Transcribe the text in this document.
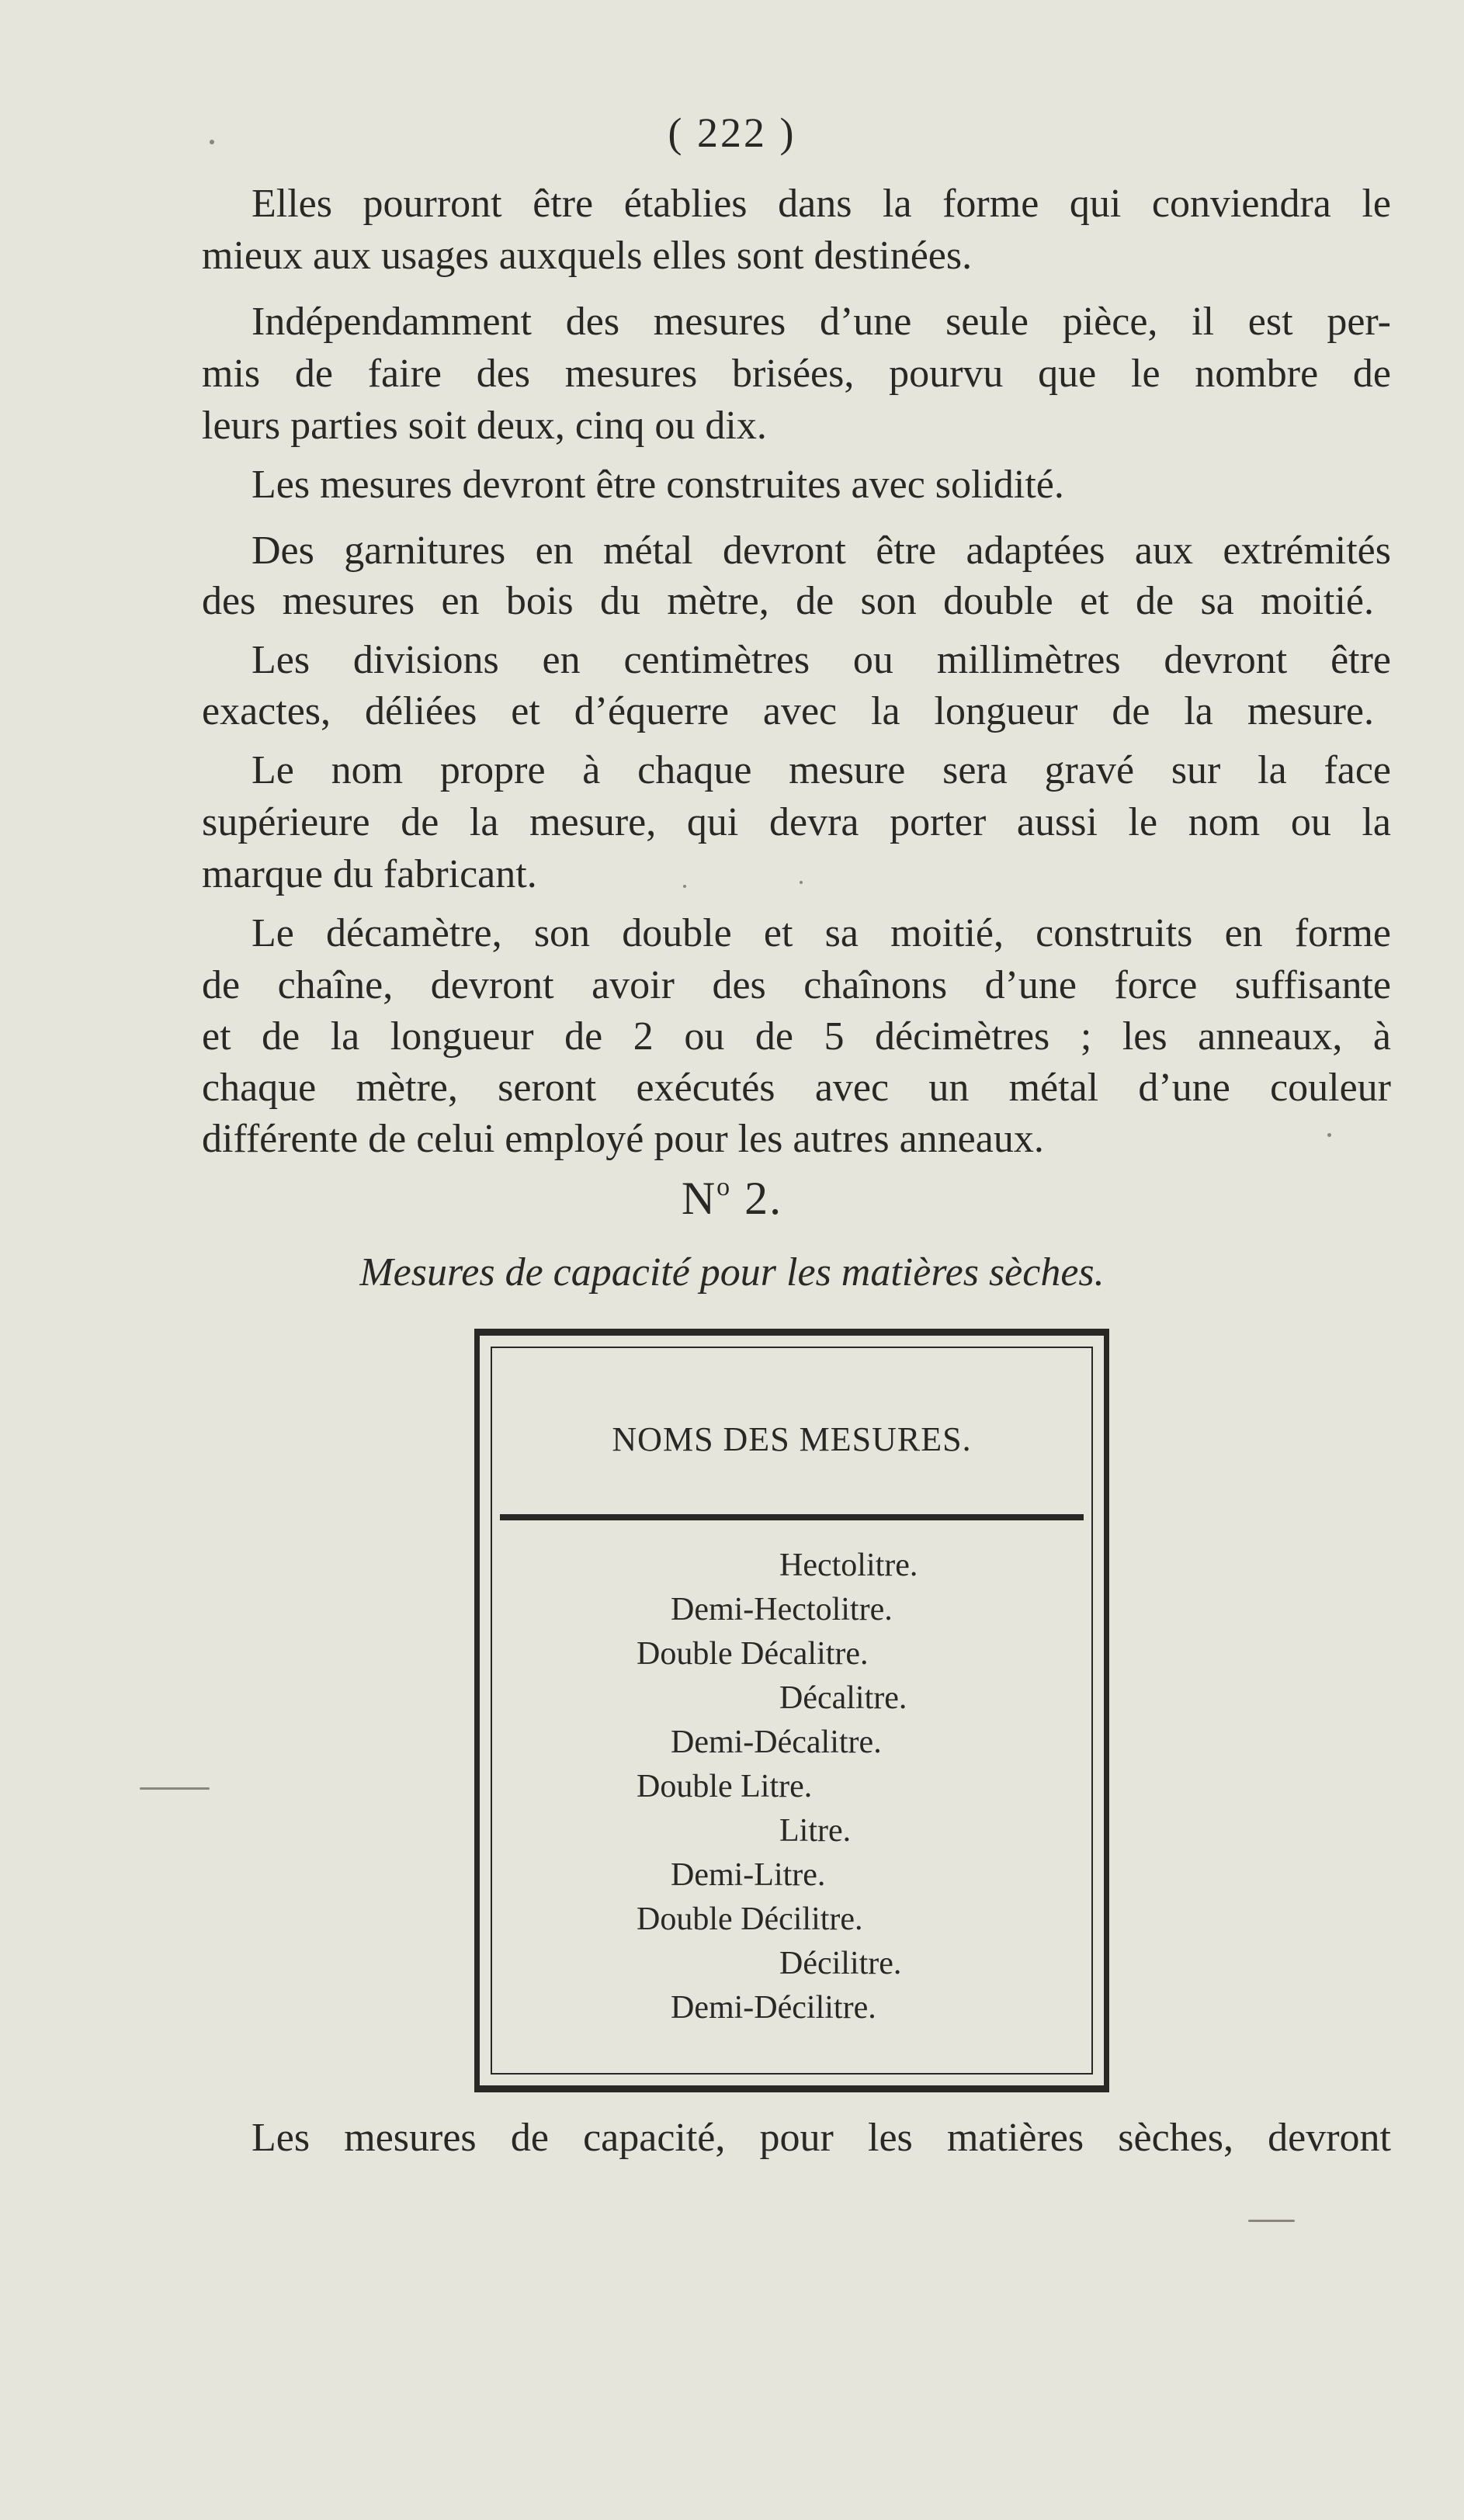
( 222 )
Elles pourront être établies dans la forme qui conviendra le
mieux aux usages auxquels elles sont destinées.
Indépendamment des mesures d’une seule pièce, il est per-
mis de faire des mesures brisées, pourvu que le nombre de
leurs parties soit deux, cinq ou dix.
Les mesures devront être construites avec solidité.
Des garnitures en métal devront être adaptées aux extrémités
des mesures en bois du mètre, de son double et de sa moitié.
Les divisions en centimètres ou millimètres devront être
exactes, déliées et d’équerre avec la longueur de la mesure.
Le nom propre à chaque mesure sera gravé sur la face
supérieure de la mesure, qui devra porter aussi le nom ou la
marque du fabricant.
Le décamètre, son double et sa moitié, construits en forme
de chaîne, devront avoir des chaînons d’une force suffisante
et de la longueur de 2 ou de 5 décimètres ; les anneaux, à
chaque mètre, seront exécutés avec un métal d’une couleur
différente de celui employé pour les autres anneaux.
$N^o$ 2.
Mesures de capacité pour les matières sèches.
NOMS DES MESURES.
Hectolitre.
Demi-Hectolitre.
Double Décalitre.
Décalitre.
Demi-Décalitre.
Double Litre.
Litre.
Demi-Litre.
Double Décilitre.
Décilitre.
Demi-Décilitre.
Les mesures de capacité, pour les matières sèches, devront
